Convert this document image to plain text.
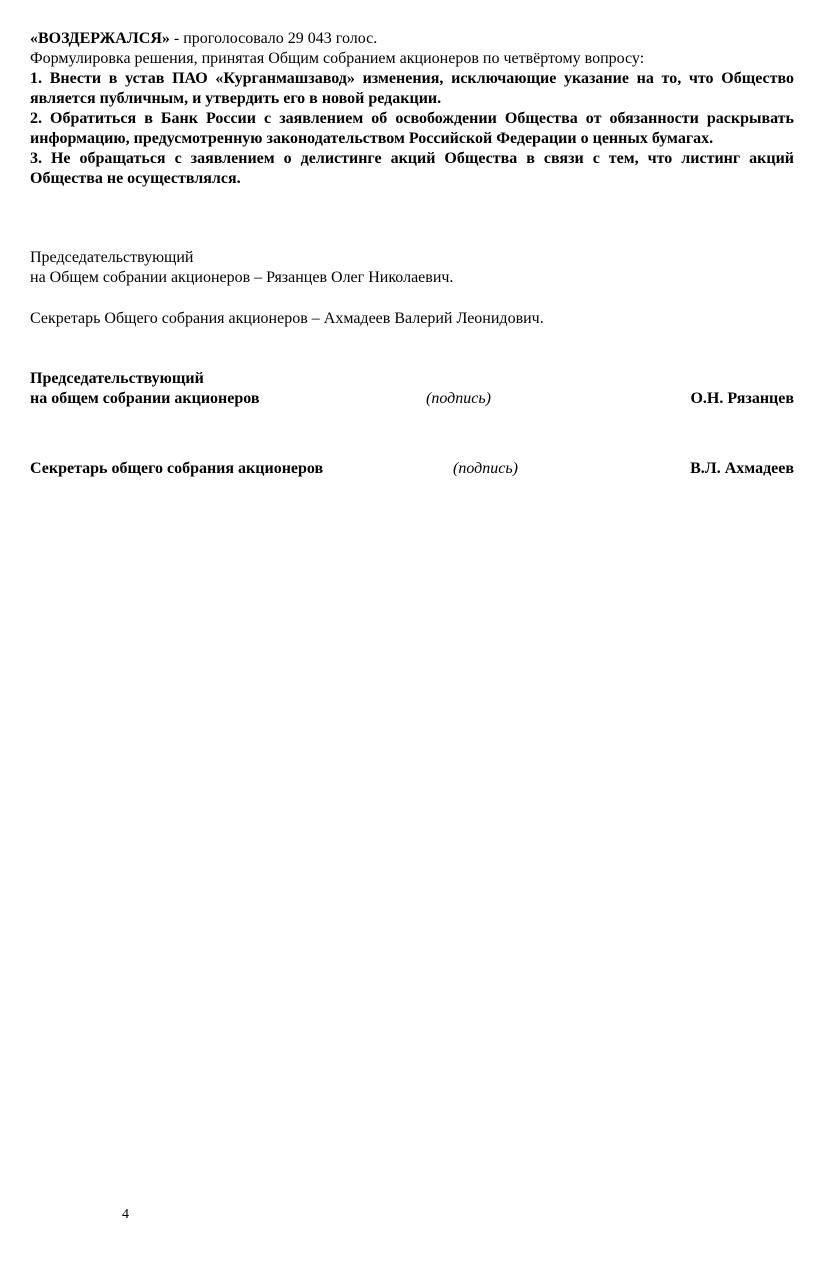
«ВОЗДЕРЖАЛСЯ» - проголосовало 29 043 голос.

Формулировка решения, принятая Общим собранием акционеров по четвёртому вопросу:

1. Внести в устав ПАО «Курганмашзавод» изменения, исключающие указание на то, что Общество является публичным, и утвердить его в новой редакции.

2. Обратиться в Банк России с заявлением об освобождении Общества от обязанности раскрывать информацию, предусмотренную законодательством Российской Федерации о ценных бумагах.

3. Не обращаться с заявлением о делистинге акций Общества в связи с тем, что листинг акций Общества не осуществлялся.

Председательствующий

на Общем собрании акционеров – Рязанцев Олег Николаевич.

Секретарь Общего собрания акционеров – Ахмадеев Валерий Леонидович.

Председательствующий

на общем собрании акционеров	(подпись)	О.Н. Рязанцев
Секретарь общего собрания акционеров	(подпись)	В.Л. Ахмадеев
4
